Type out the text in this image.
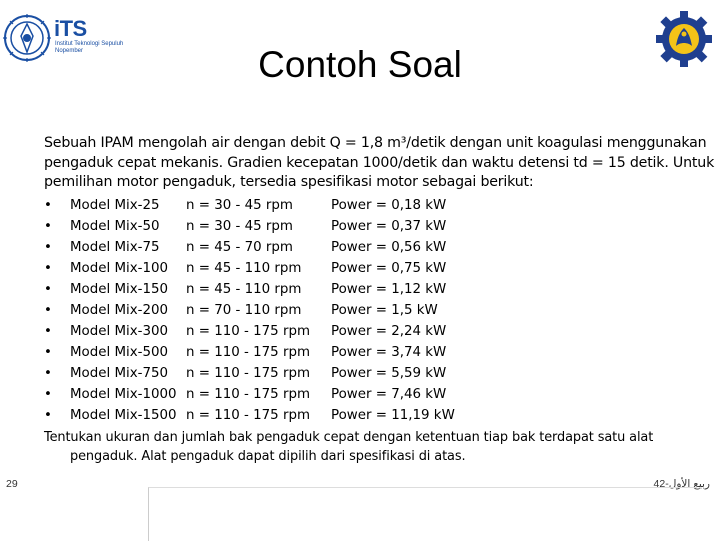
iTS
Institut Teknologi Sepuluh Nopember	Contoh Soal

Sebuah IPAM mengolah air dengan debit Q = 1,8 m³/detik dengan unit koagulasi menggunakan pengaduk cepat mekanis. Gradien kecepatan 1000/detik dan waktu detensi td = 15 detik. Untuk pemilihan motor pengaduk, tersedia spesifikasi motor sebagai berikut:

• Model Mix-25 n = 30 - 45 rpm	Power = 0,18 kW
• Model Mix-50 n = 30 - 45 rpm	Power = 0,37 kW
• Model Mix-75 n = 45 - 70 rpm	Power = 0,56 kW
• Model Mix-100 n = 45 - 110 rpm Power = 0,75 kW
• Model Mix-150 n = 45 - 110 rpm Power = 1,12 kW
• Model Mix-200 n = 70 - 110 rpm Power = 1,5 kW
• Model Mix-300 n = 110 - 175 rpm Power = 2,24 kW
• Model Mix-500 n = 110 - 175 rpm Power = 3,74 kW
• Model Mix-750 n = 110 - 175 rpm Power = 5,59 kW
• Model Mix-1000 n = 110 - 175 rpm Power = 7,46 kW
• Model Mix-1500 n = 110 - 175 rpm Power = 11,19 kW

Tentukan ukuran dan jumlah bak pengaduk cepat dengan ketentuan tiap bak terdapat satu alat pengaduk. Alat pengaduk dapat dipilih dari spesifikasi di atas.

29	ربيع الأول-42
